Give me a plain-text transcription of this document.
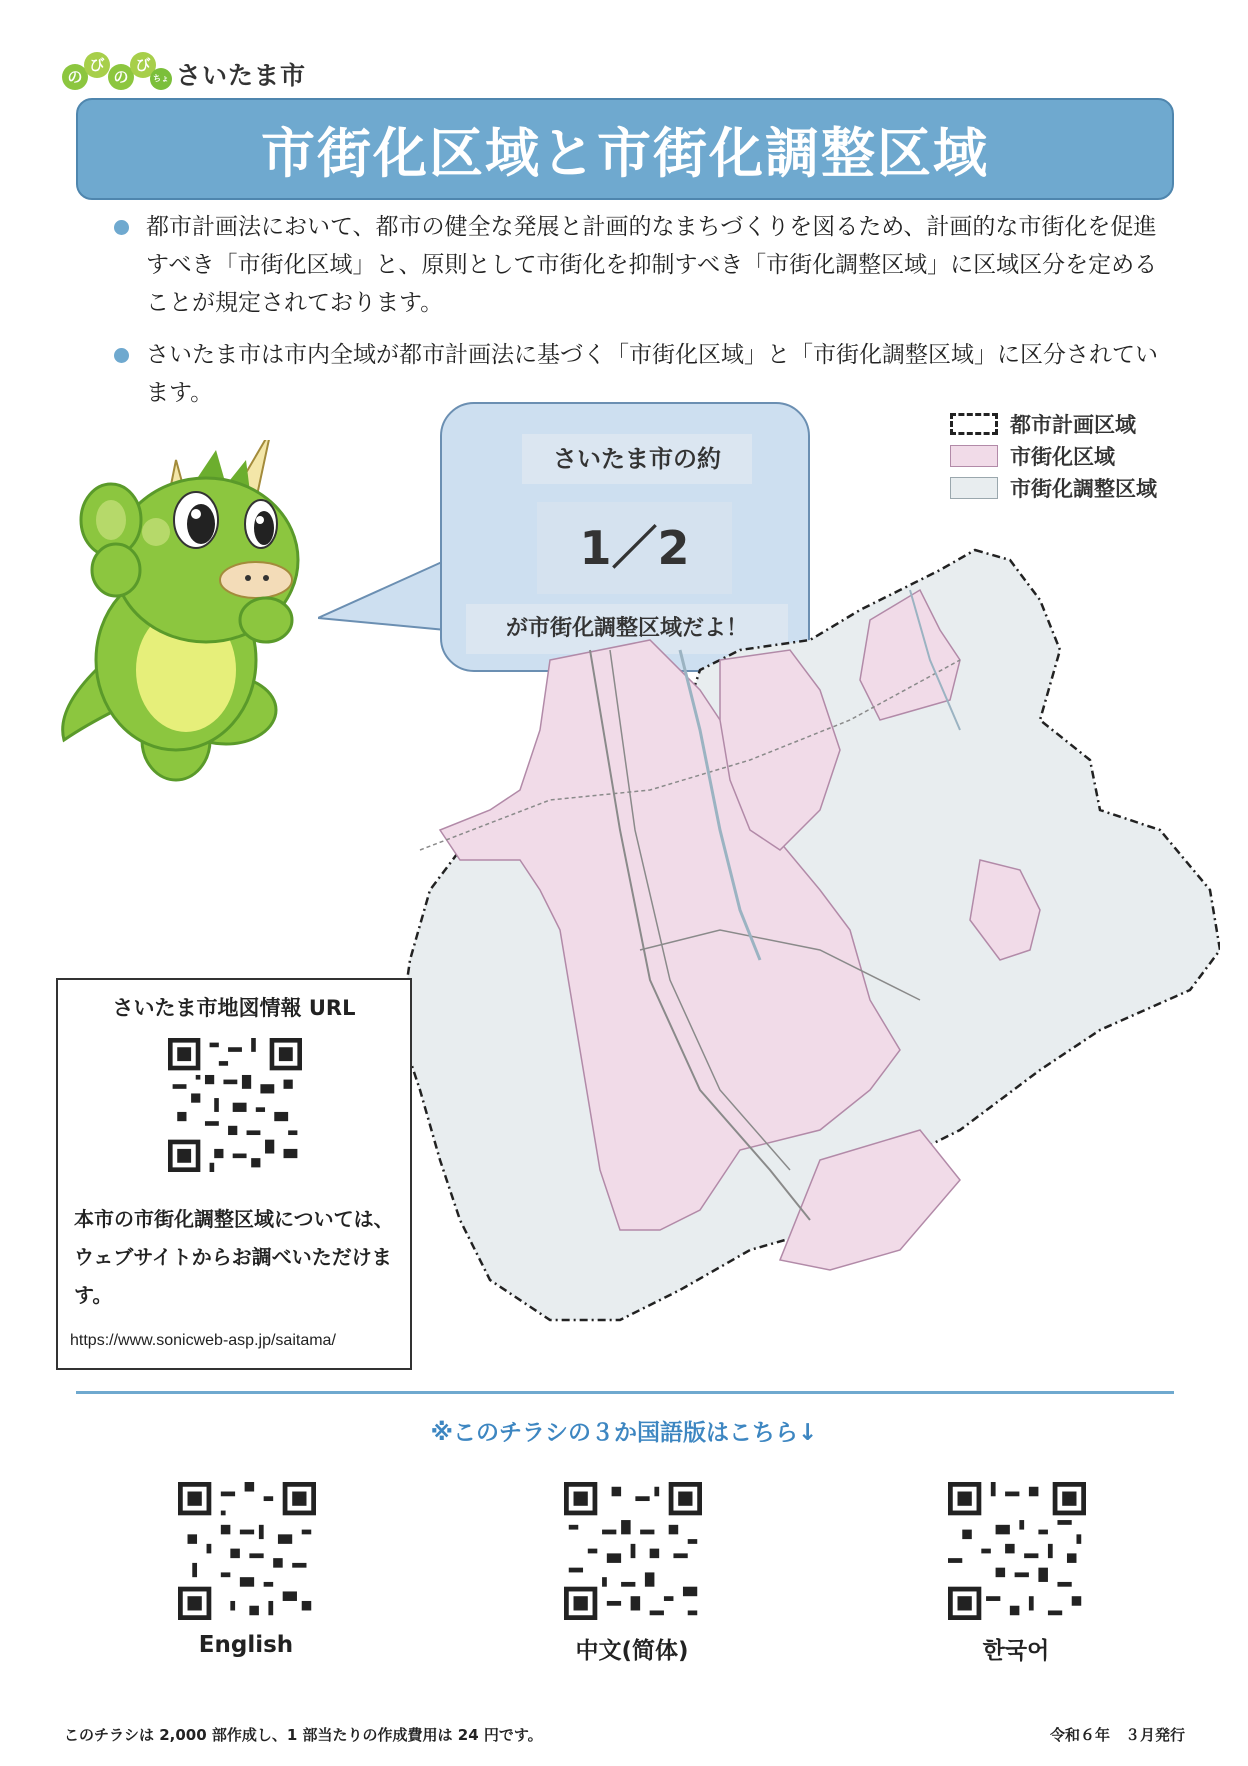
の
び
の
び
ちょ さいたま市
市街化区域と市街化調整区域
都市計画法において、都市の健全な発展と計画的なまちづくりを図るため、計画的な市街化を促進すべき「市街化区域」と、原則として市街化を抑制すべき「市街化調整区域」に区域区分を定めることが規定されております。
さいたま市は市内全域が都市計画法に基づく「市街化区域」と「市街化調整区域」に区分されています。
さいたま市の約
1／2
が市街化調整区域だよ！
都市計画区域
市街化区域
市街化調整区域
さいたま市地図情報 URL
本市の市街化調整区域については、ウェブサイトからお調べいただけます。
https://www.sonicweb-asp.jp/saitama/
※このチラシの３か国語版はこちら↓
English	中文(简体)	한국어
このチラシは 2,000 部作成し、1 部当たりの作成費用は 24 円です。	令和６年　３月発行
